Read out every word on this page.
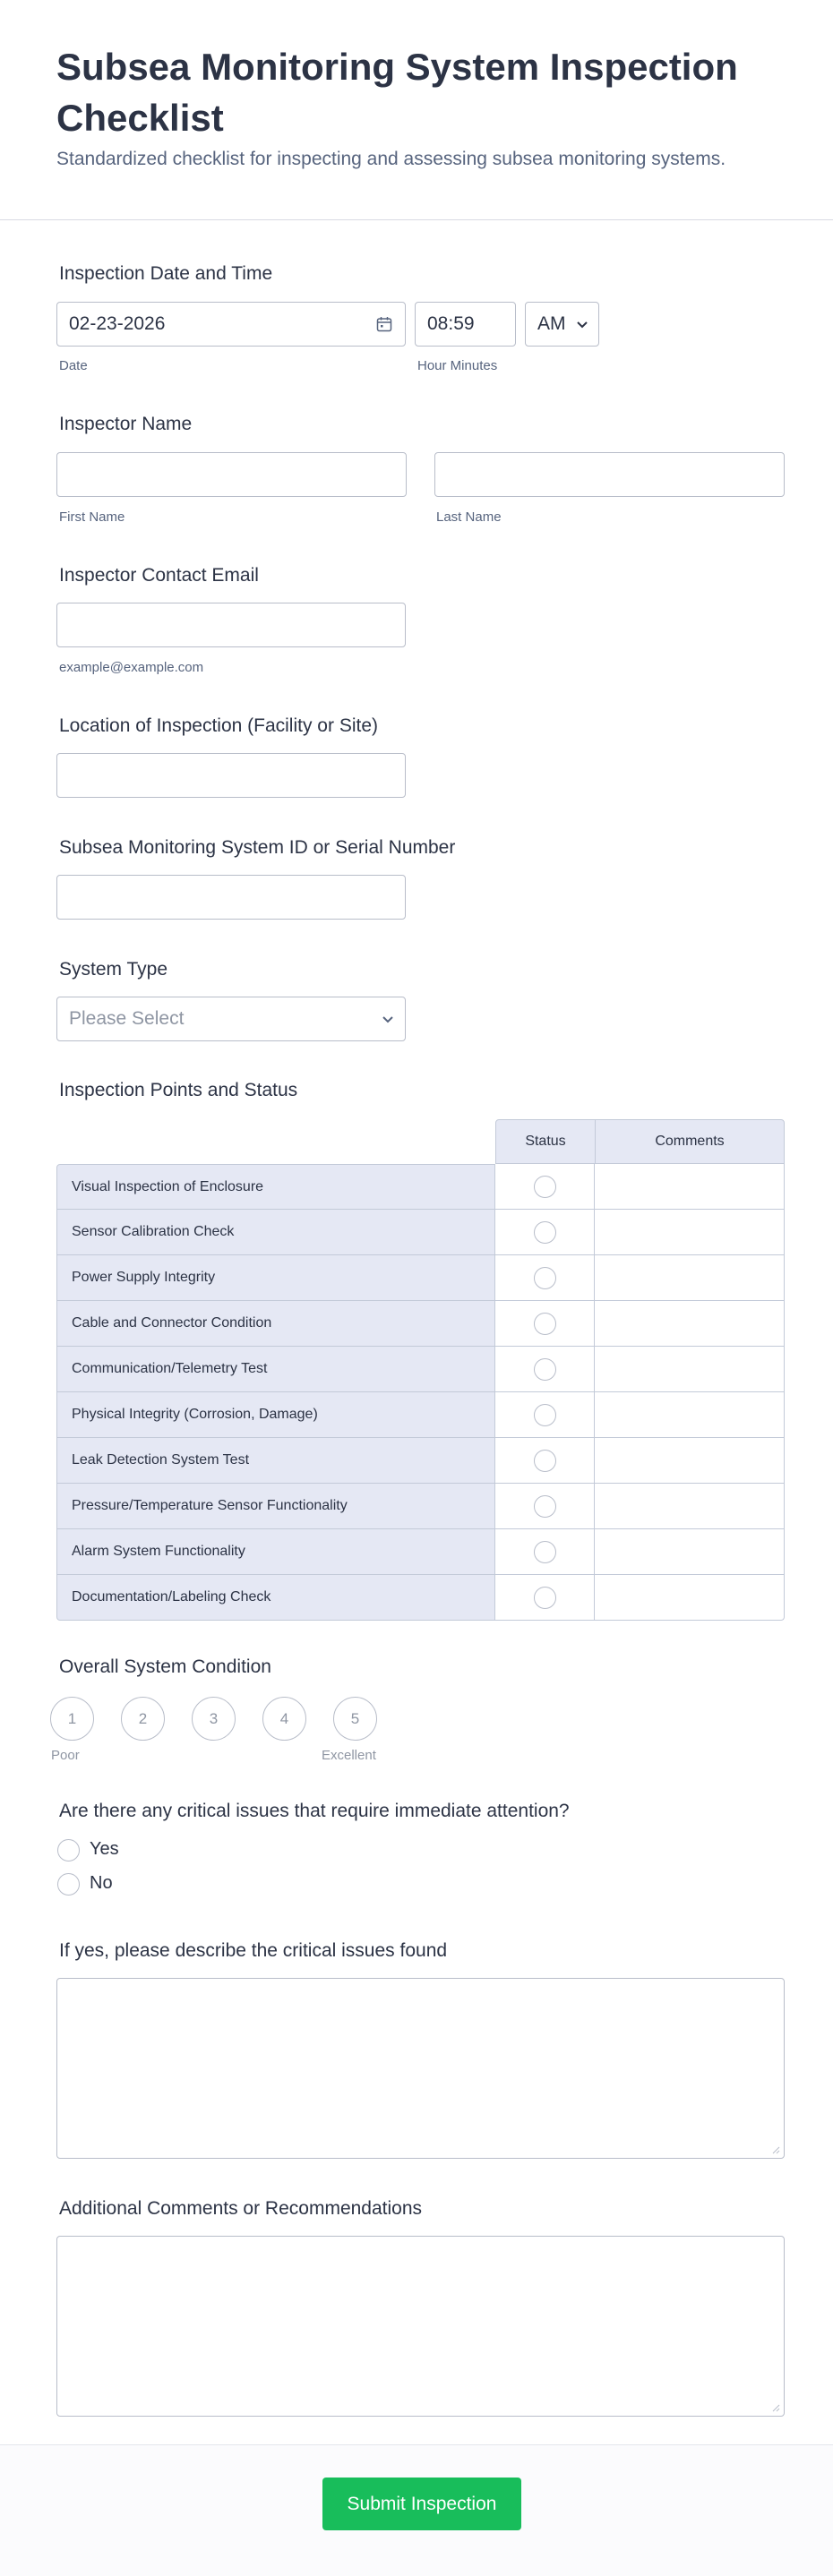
Subsea Monitoring System Inspection Checklist
Standardized checklist for inspecting and assessing subsea monitoring systems.
Inspection Date and Time
02-23-2026
Date
08:59
Hour Minutes
AM
Inspector Name
First Name	Last Name
Inspector Contact Email
example@example.com
Location of Inspection (Facility or Site)
Subsea Monitoring System ID or Serial Number
System Type
Please Select
Inspection Points and Status
Status	Comments
Visual Inspection of Enclosure
Sensor Calibration Check
Power Supply Integrity
Cable and Connector Condition
Communication/Telemetry Test
Physical Integrity (Corrosion, Damage)
Leak Detection System Test
Pressure/Temperature Sensor Functionality
Alarm System Functionality
Documentation/Labeling Check
Overall System Condition
1	2	3	4	5
Poor	Excellent
Are there any critical issues that require immediate attention?
Yes
No
If yes, please describe the critical issues found
Additional Comments or Recommendations
Submit Inspection
